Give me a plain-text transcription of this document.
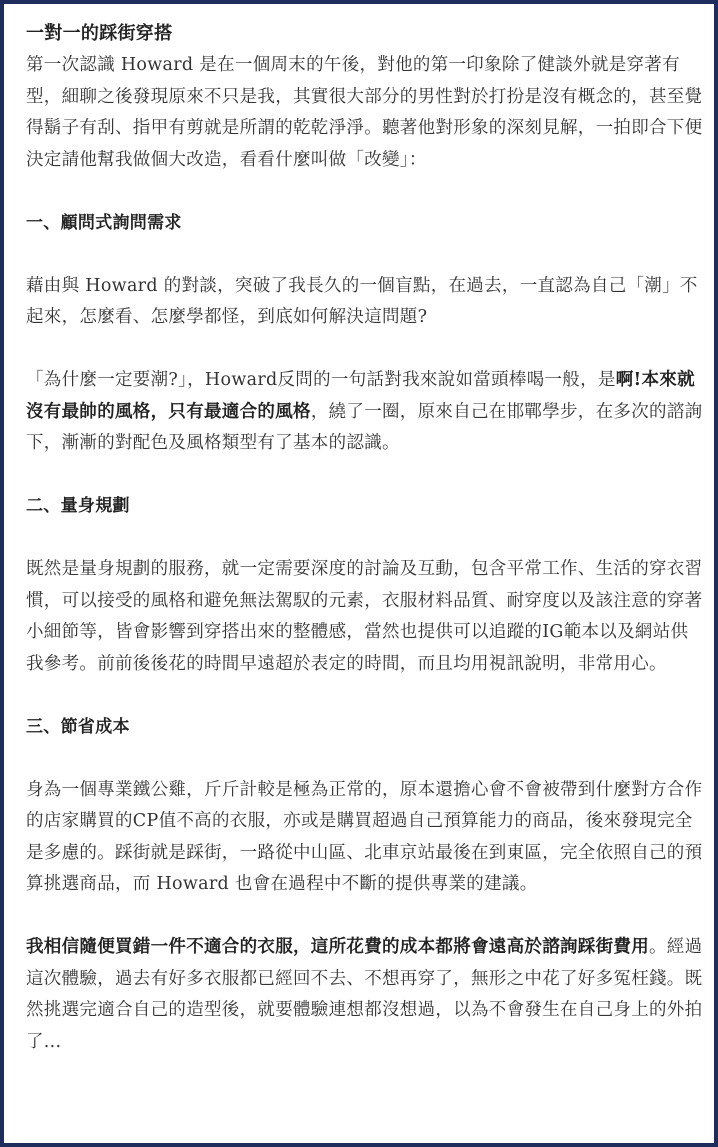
一對一的踩街穿搭

第一次認識 Howard 是在一個周末的午後，對他的第一印象除了健談外就是穿著有型，細聊之後發現原來不只是我，其實很大部分的男性對於打扮是沒有概念的，甚至覺得鬍子有刮、指甲有剪就是所謂的乾乾淨淨。聽著他對形象的深刻見解，一拍即合下便決定請他幫我做個大改造，看看什麼叫做「改變」：

一、顧問式詢問需求

藉由與 Howard 的對談，突破了我長久的一個盲點，在過去，一直認為自己「潮」不起來，怎麼看、怎麼學都怪，到底如何解決這問題?

「為什麼一定要潮?」，Howard反問的一句話對我來說如當頭棒喝一般，是啊!本來就沒有最帥的風格，只有最適合的風格，繞了一圈，原來自己在邯鄲學步，在多次的諮詢下，漸漸的對配色及風格類型有了基本的認識。

二、量身規劃

既然是量身規劃的服務，就一定需要深度的討論及互動，包含平常工作、生活的穿衣習慣，可以接受的風格和避免無法駕馭的元素，衣服材料品質、耐穿度以及該注意的穿著小細節等，皆會影響到穿搭出來的整體感，當然也提供可以追蹤的IG範本以及網站供我參考。前前後後花的時間早遠超於表定的時間，而且均用視訊說明，非常用心。

三、節省成本

身為一個專業鐵公雞，斤斤計較是極為正常的，原本還擔心會不會被帶到什麼對方合作的店家購買的CP值不高的衣服，亦或是購買超過自己預算能力的商品，後來發現完全是多慮的。踩街就是踩街，一路從中山區、北車京站最後在到東區，完全依照自己的預算挑選商品，而 Howard 也會在過程中不斷的提供專業的建議。

我相信隨便買錯一件不適合的衣服，這所花費的成本都將會遠高於諮詢踩街費用。經過這次體驗，過去有好多衣服都已經回不去、不想再穿了，無形之中花了好多冤枉錢。既然挑選完適合自己的造型後，就要體驗連想都沒想過，以為不會發生在自己身上的外拍了...
